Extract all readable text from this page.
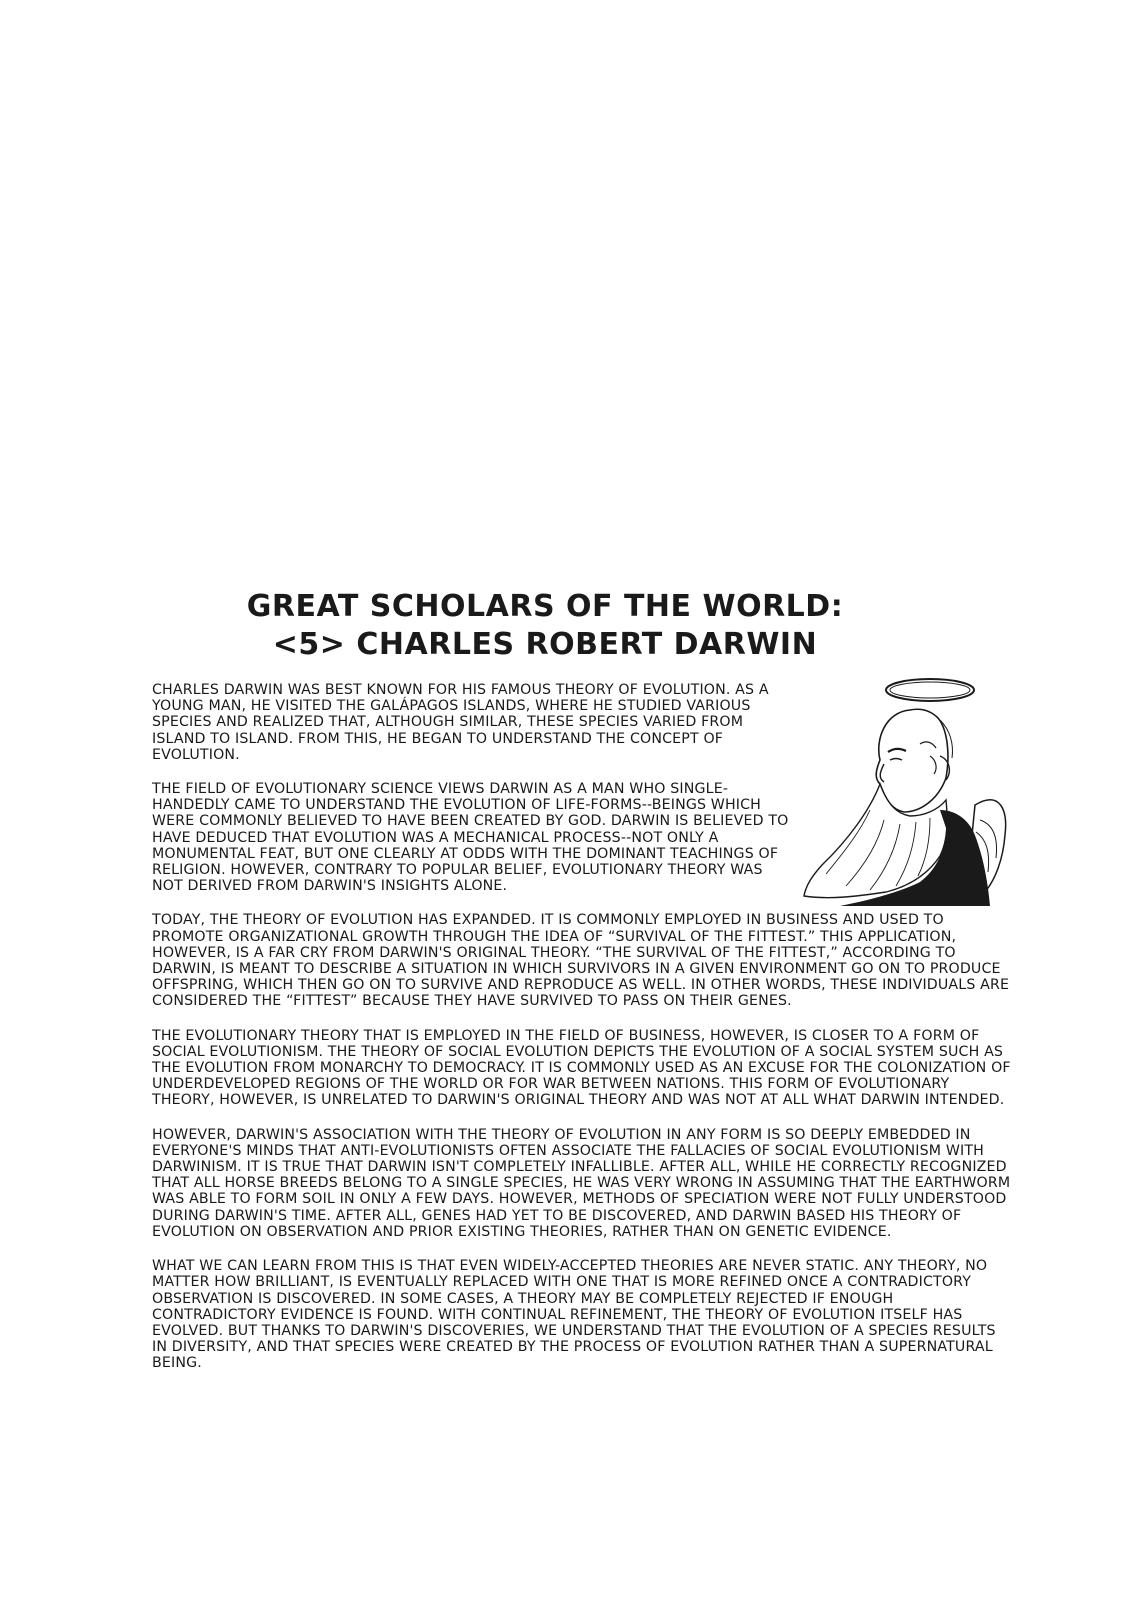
GREAT SCHOLARS OF THE WORLD:
<5> CHARLES ROBERT DARWIN

CHARLES DARWIN WAS BEST KNOWN FOR HIS FAMOUS THEORY OF EVOLUTION. AS A YOUNG MAN, HE VISITED THE GALÁPAGOS ISLANDS, WHERE HE STUDIED VARIOUS SPECIES AND REALIZED THAT, ALTHOUGH SIMILAR, THESE SPECIES VARIED FROM ISLAND TO ISLAND. FROM THIS, HE BEGAN TO UNDERSTAND THE CONCEPT OF EVOLUTION.

THE FIELD OF EVOLUTIONARY SCIENCE VIEWS DARWIN AS A MAN WHO SINGLE-HANDEDLY CAME TO UNDERSTAND THE EVOLUTION OF LIFE-FORMS--BEINGS WHICH WERE COMMONLY BELIEVED TO HAVE BEEN CREATED BY GOD. DARWIN IS BELIEVED TO HAVE DEDUCED THAT EVOLUTION WAS A MECHANICAL PROCESS--NOT ONLY A MONUMENTAL FEAT, BUT ONE CLEARLY AT ODDS WITH THE DOMINANT TEACHINGS OF RELIGION. HOWEVER, CONTRARY TO POPULAR BELIEF, EVOLUTIONARY THEORY WAS NOT DERIVED FROM DARWIN'S INSIGHTS ALONE.

TODAY, THE THEORY OF EVOLUTION HAS EXPANDED. IT IS COMMONLY EMPLOYED IN BUSINESS AND USED TO PROMOTE ORGANIZATIONAL GROWTH THROUGH THE IDEA OF “SURVIVAL OF THE FITTEST.” THIS APPLICATION, HOWEVER, IS A FAR CRY FROM DARWIN'S ORIGINAL THEORY. “THE SURVIVAL OF THE FITTEST,” ACCORDING TO DARWIN, IS MEANT TO DESCRIBE A SITUATION IN WHICH SURVIVORS IN A GIVEN ENVIRONMENT GO ON TO PRODUCE OFFSPRING, WHICH THEN GO ON TO SURVIVE AND REPRODUCE AS WELL. IN OTHER WORDS, THESE INDIVIDUALS ARE CONSIDERED THE “FITTEST” BECAUSE THEY HAVE SURVIVED TO PASS ON THEIR GENES.

THE EVOLUTIONARY THEORY THAT IS EMPLOYED IN THE FIELD OF BUSINESS, HOWEVER, IS CLOSER TO A FORM OF SOCIAL EVOLUTIONISM. THE THEORY OF SOCIAL EVOLUTION DEPICTS THE EVOLUTION OF A SOCIAL SYSTEM SUCH AS THE EVOLUTION FROM MONARCHY TO DEMOCRACY. IT IS COMMONLY USED AS AN EXCUSE FOR THE COLONIZATION OF UNDERDEVELOPED REGIONS OF THE WORLD OR FOR WAR BETWEEN NATIONS. THIS FORM OF EVOLUTIONARY THEORY, HOWEVER, IS UNRELATED TO DARWIN'S ORIGINAL THEORY AND WAS NOT AT ALL WHAT DARWIN INTENDED.

HOWEVER, DARWIN'S ASSOCIATION WITH THE THEORY OF EVOLUTION IN ANY FORM IS SO DEEPLY EMBEDDED IN EVERYONE'S MINDS THAT ANTI-EVOLUTIONISTS OFTEN ASSOCIATE THE FALLACIES OF SOCIAL EVOLUTIONISM WITH DARWINISM. IT IS TRUE THAT DARWIN ISN'T COMPLETELY INFALLIBLE. AFTER ALL, WHILE HE CORRECTLY RECOGNIZED THAT ALL HORSE BREEDS BELONG TO A SINGLE SPECIES, HE WAS VERY WRONG IN ASSUMING THAT THE EARTHWORM WAS ABLE TO FORM SOIL IN ONLY A FEW DAYS. HOWEVER, METHODS OF SPECIATION WERE NOT FULLY UNDERSTOOD DURING DARWIN'S TIME. AFTER ALL, GENES HAD YET TO BE DISCOVERED, AND DARWIN BASED HIS THEORY OF EVOLUTION ON OBSERVATION AND PRIOR EXISTING THEORIES, RATHER THAN ON GENETIC EVIDENCE.

WHAT WE CAN LEARN FROM THIS IS THAT EVEN WIDELY-ACCEPTED THEORIES ARE NEVER STATIC. ANY THEORY, NO MATTER HOW BRILLIANT, IS EVENTUALLY REPLACED WITH ONE THAT IS MORE REFINED ONCE A CONTRADICTORY OBSERVATION IS DISCOVERED. IN SOME CASES, A THEORY MAY BE COMPLETELY REJECTED IF ENOUGH CONTRADICTORY EVIDENCE IS FOUND. WITH CONTINUAL REFINEMENT, THE THEORY OF EVOLUTION ITSELF HAS EVOLVED. BUT THANKS TO DARWIN'S DISCOVERIES, WE UNDERSTAND THAT THE EVOLUTION OF A SPECIES RESULTS IN DIVERSITY, AND THAT SPECIES WERE CREATED BY THE PROCESS OF EVOLUTION RATHER THAN A SUPERNATURAL BEING.
